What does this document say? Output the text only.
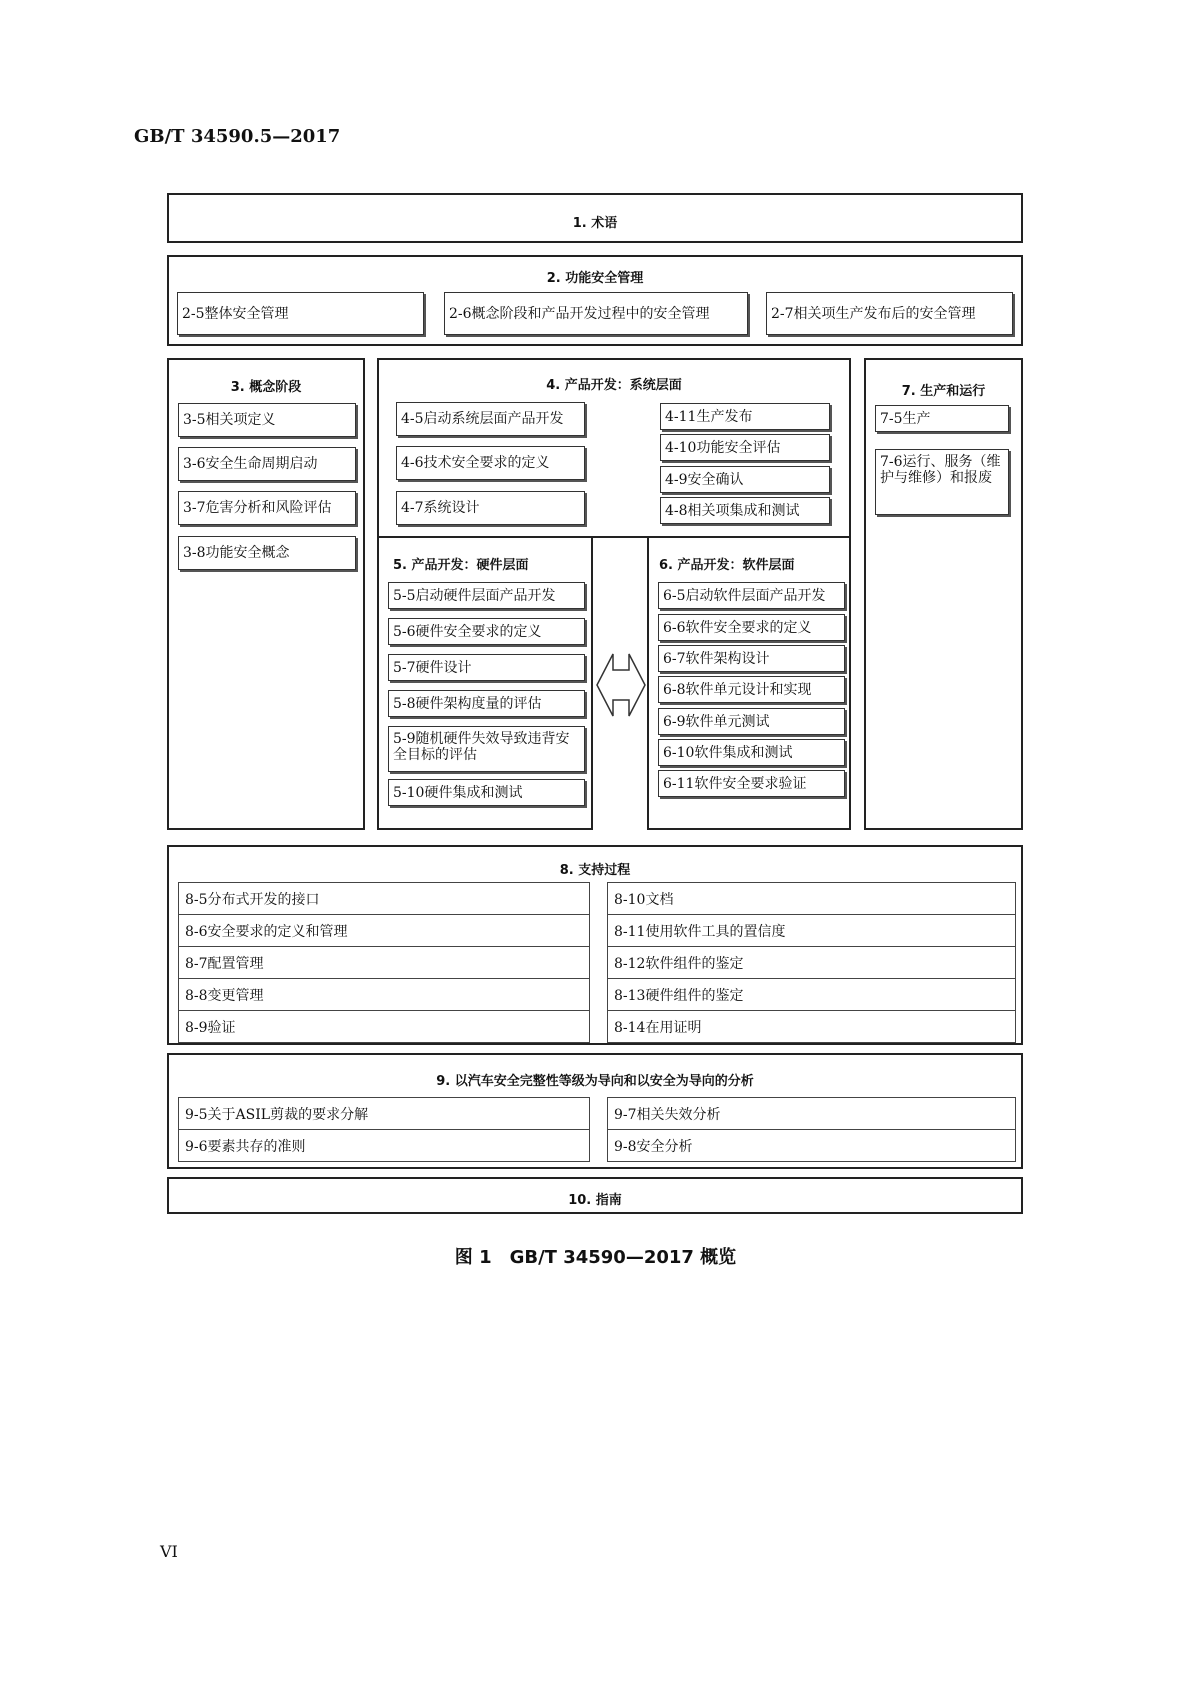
GB/T 34590.5—2017
1. 术语
2. 功能安全管理
2-5整体安全管理	2-6概念阶段和产品开发过程中的安全管理	2-7相关项生产发布后的安全管理
3. 概念阶段
3-5相关项定义
3-6安全生命周期启动
3-7危害分析和风险评估
3-8功能安全概念
4. 产品开发：系统层面
4-5启动系统层面产品开发
4-6技术安全要求的定义
4-7系统设计
4-11生产发布
4-10功能安全评估
4-9安全确认
4-8相关项集成和测试
5. 产品开发：硬件层面
5-5启动硬件层面产品开发
5-6硬件安全要求的定义
5-7硬件设计
5-8硬件架构度量的评估
5-9随机硬件失效导致违背安全目标的评估
5-10硬件集成和测试
6. 产品开发：软件层面
6-5启动软件层面产品开发
6-6软件安全要求的定义
6-7软件架构设计
6-8软件单元设计和实现
6-9软件单元测试
6-10软件集成和测试
6-11软件安全要求验证
7. 生产和运行
7-5生产
7-6运行、服务（维护与维修）和报废
8. 支持过程
8-5分布式开发的接口
8-6安全要求的定义和管理
8-7配置管理
8-8变更管理
8-9验证
8-10文档
8-11使用软件工具的置信度
8-12软件组件的鉴定
8-13硬件组件的鉴定
8-14在用证明
9. 以汽车安全完整性等级为导向和以安全为导向的分析
9-5关于ASIL剪裁的要求分解
9-6要素共存的准则
9-7相关失效分析
9-8安全分析
10. 指南
图 1　GB/T 34590—2017 概览
VI
